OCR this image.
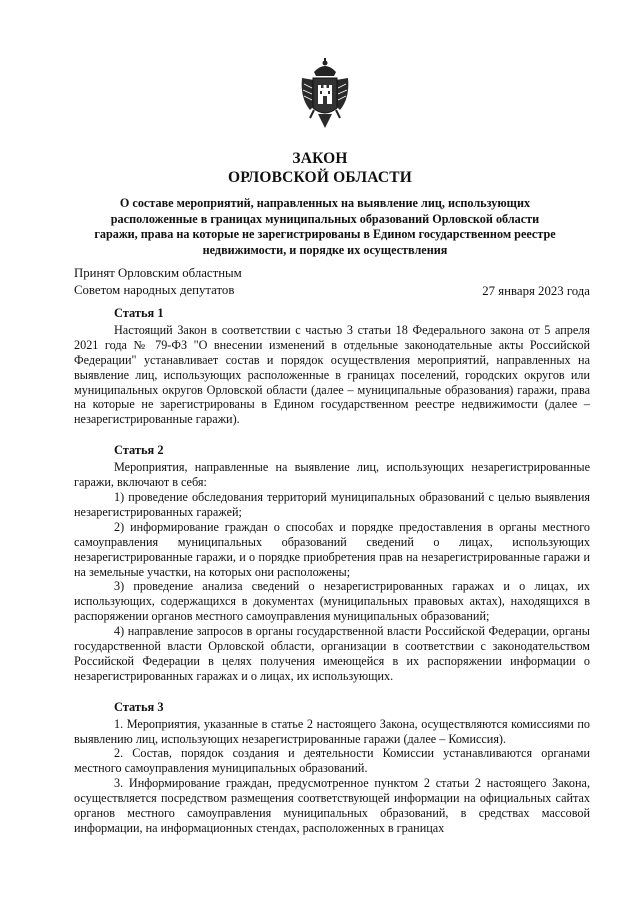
ЗАКОН
ОРЛОВСКОЙ ОБЛАСТИ
О составе мероприятий, направленных на выявление лиц, использующих расположенные в границах муниципальных образований Орловской области гаражи, права на которые не зарегистрированы в Едином государственном реестре недвижимости, и порядке их осуществления
Принят Орловским областным
Советом народных депутатов	27 января 2023 года
Статья 1

Настоящий Закон в соответствии с частью 3 статьи 18 Федерального закона от 5 апреля 2021 года № 79-ФЗ "О внесении изменений в отдельные законодательные акты Российской Федерации" устанавливает состав и порядок осуществления мероприятий, направленных на выявление лиц, использующих расположенные в границах поселений, городских округов или муниципальных округов Орловской области (далее – муниципальные образования) гаражи, права на которые не зарегистрированы в Едином государственном реестре недвижимости (далее – незарегистрированные гаражи).

Статья 2

Мероприятия, направленные на выявление лиц, использующих незарегистрированные гаражи, включают в себя:

1) проведение обследования территорий муниципальных образований с целью выявления незарегистрированных гаражей;

2) информирование граждан о способах и порядке предоставления в органы местного самоуправления муниципальных образований сведений о лицах, использующих незарегистрированные гаражи, и о порядке приобретения прав на незарегистрированные гаражи и на земельные участки, на которых они расположены;

3) проведение анализа сведений о незарегистрированных гаражах и о лицах, их использующих, содержащихся в документах (муниципальных правовых актах), находящихся в распоряжении органов местного самоуправления муниципальных образований;

4) направление запросов в органы государственной власти Российской Федерации, органы государственной власти Орловской области, организации в соответствии с законодательством Российской Федерации в целях получения имеющейся в их распоряжении информации о незарегистрированных гаражах и о лицах, их использующих.

Статья 3

1. Мероприятия, указанные в статье 2 настоящего Закона, осуществляются комиссиями по выявлению лиц, использующих незарегистрированные гаражи (далее – Комиссия).

2. Состав, порядок создания и деятельности Комиссии устанавливаются органами местного самоуправления муниципальных образований.

3. Информирование граждан, предусмотренное пунктом 2 статьи 2 настоящего Закона, осуществляется посредством размещения соответствующей информации на официальных сайтах органов местного самоуправления муниципальных образований, в средствах массовой информации, на информационных стендах, расположенных в границах
